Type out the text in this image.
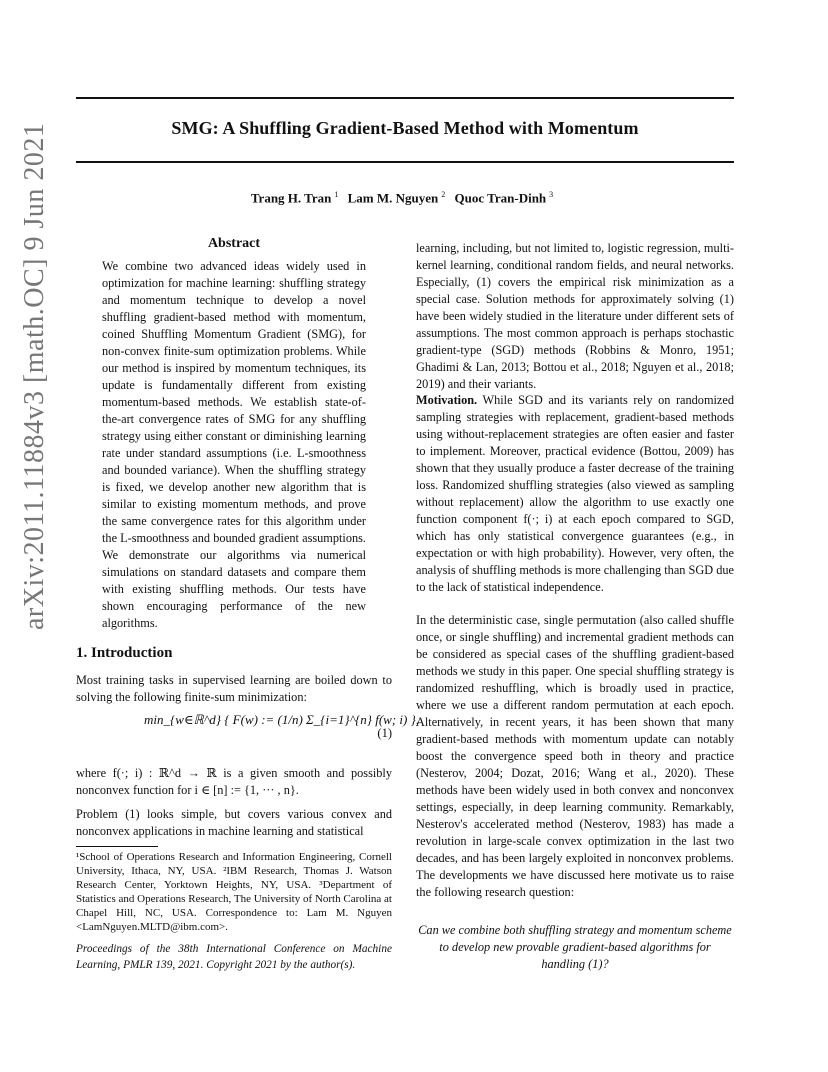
arXiv:2011.11884v3 [math.OC] 9 Jun 2021	SMG: A Shuffling Gradient-Based Method with Momentum
Trang H. Tran $^1$ Lam M. Nguyen $^2$ Quoc Tran-Dinh $^3$
Abstract
We combine two advanced ideas widely used in optimization for machine learning: shuffling strategy and momentum technique to develop a novel shuffling gradient-based method with momentum, coined Shuffling Momentum Gradient (SMG), for non-convex finite-sum optimization problems. While our method is inspired by momentum techniques, its update is fundamentally different from existing momentum-based methods. We establish state-of-the-art convergence rates of SMG for any shuffling strategy using either constant or diminishing learning rate under standard assumptions (i.e. L-smoothness and bounded variance). When the shuffling strategy is fixed, we develop another new algorithm that is similar to existing momentum methods, and prove the same convergence rates for this algorithm under the L-smoothness and bounded gradient assumptions. We demonstrate our algorithms via numerical simulations on standard datasets and compare them with existing shuffling methods. Our tests have shown encouraging performance of the new algorithms.
1. Introduction

Most training tasks in supervised learning are boiled down to solving the following finite-sum minimization:

min_{w∈ℝ^d} { F(w) := (1/n) Σ_{i=1}^{n} f(w; i) },
(1)

where f(·; i) : ℝ^d → ℝ is a given smooth and possibly nonconvex function for i ∈ [n] := {1, ··· , n}.

Problem (1) looks simple, but covers various convex and nonconvex applications in machine learning and statistical

¹School of Operations Research and Information Engineering, Cornell University, Ithaca, NY, USA. ²IBM Research, Thomas J. Watson Research Center, Yorktown Heights, NY, USA. ³Department of Statistics and Operations Research, The University of North Carolina at Chapel Hill, NC, USA. Correspondence to: Lam M. Nguyen <LamNguyen.MLTD@ibm.com>.
Proceedings of the 38th International Conference on Machine Learning, PMLR 139, 2021. Copyright 2021 by the author(s).

learning, including, but not limited to, logistic regression, multi-kernel learning, conditional random fields, and neural networks. Especially, (1) covers the empirical risk minimization as a special case. Solution methods for approximately solving (1) have been widely studied in the literature under different sets of assumptions. The most common approach is perhaps stochastic gradient-type (SGD) methods (Robbins & Monro, 1951; Ghadimi & Lan, 2013; Bottou et al., 2018; Nguyen et al., 2018; 2019) and their variants.

Motivation. While SGD and its variants rely on randomized sampling strategies with replacement, gradient-based methods using without-replacement strategies are often easier and faster to implement. Moreover, practical evidence (Bottou, 2009) has shown that they usually produce a faster decrease of the training loss. Randomized shuffling strategies (also viewed as sampling without replacement) allow the algorithm to use exactly one function component f(·; i) at each epoch compared to SGD, which has only statistical convergence guarantees (e.g., in expectation or with high probability). However, very often, the analysis of shuffling methods is more challenging than SGD due to the lack of statistical independence.

In the deterministic case, single permutation (also called shuffle once, or single shuffling) and incremental gradient methods can be considered as special cases of the shuffling gradient-based methods we study in this paper. One special shuffling strategy is randomized reshuffling, which is broadly used in practice, where we use a different random permutation at each epoch. Alternatively, in recent years, it has been shown that many gradient-based methods with momentum update can notably boost the convergence speed both in theory and practice (Nesterov, 2004; Dozat, 2016; Wang et al., 2020). These methods have been widely used in both convex and nonconvex settings, especially, in deep learning community. Remarkably, Nesterov's accelerated method (Nesterov, 1983) has made a revolution in large-scale convex optimization in the last two decades, and has been largely exploited in nonconvex problems. The developments we have discussed here motivate us to raise the following research question:

Can we combine both shuffling strategy and momentum scheme to develop new provable gradient-based algorithms for handling (1)?
